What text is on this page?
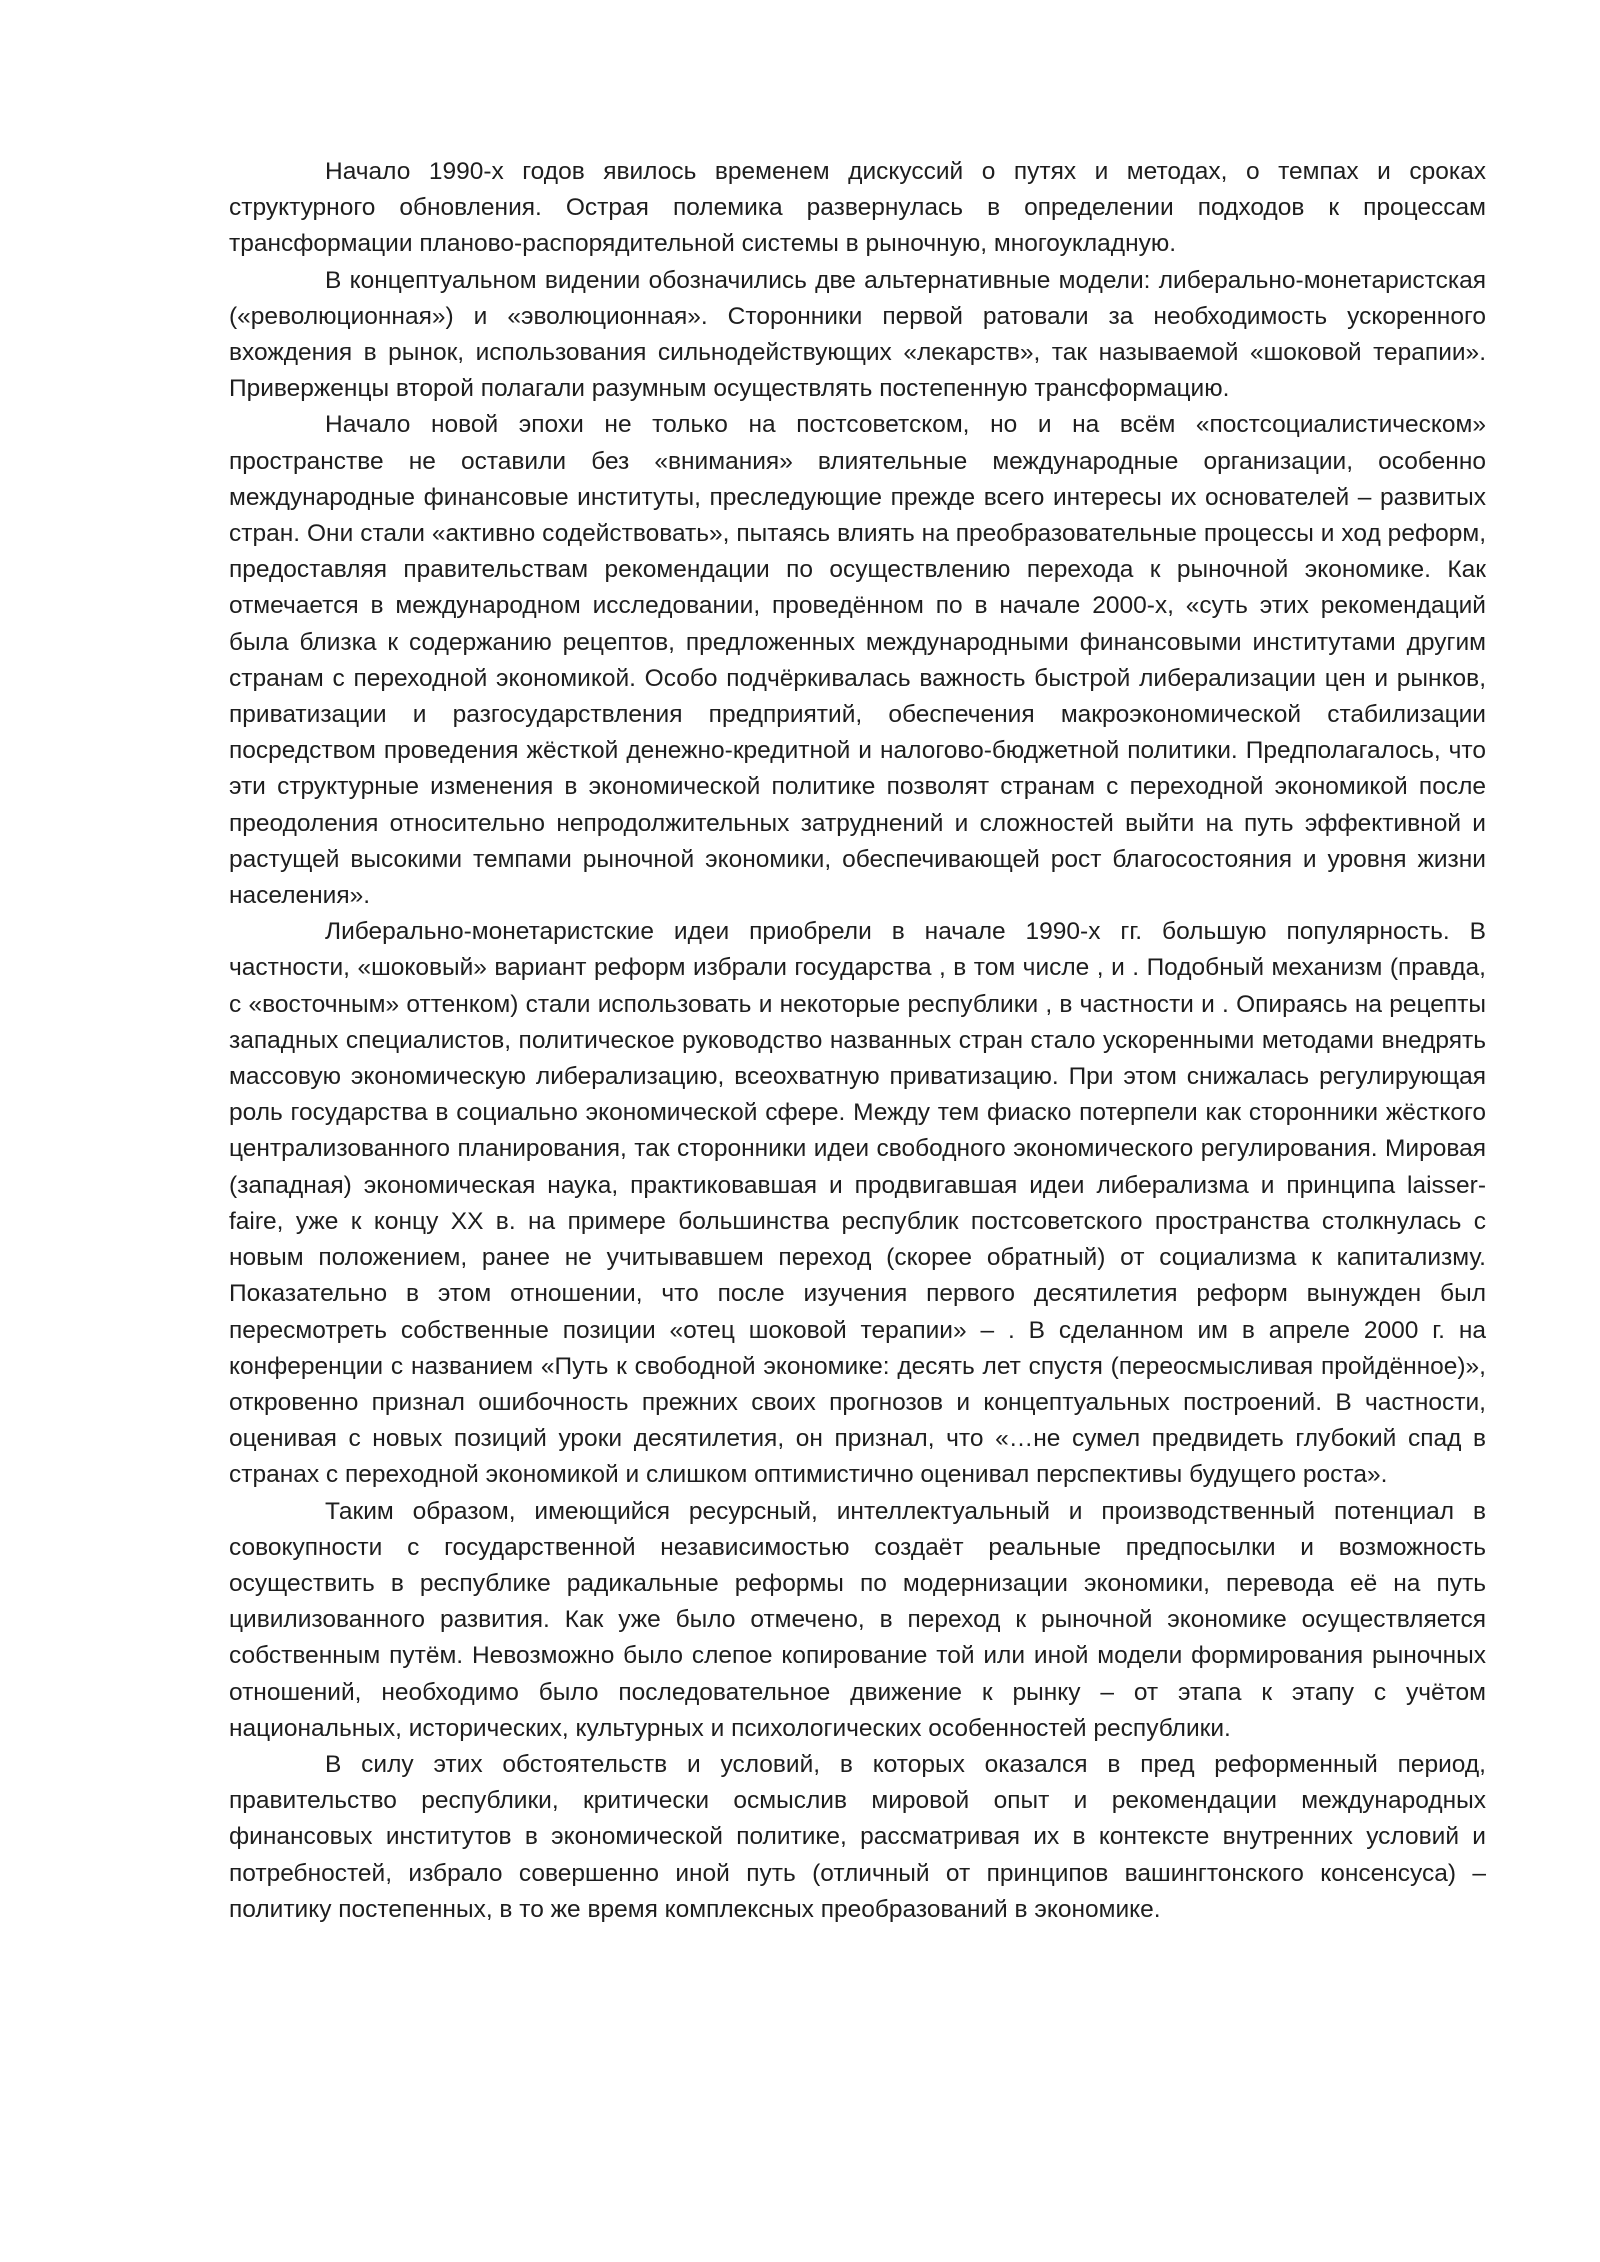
Начало 1990-х годов явилось временем дискуссий о путях и методах, о темпах и сроках структурного обновления. Острая полемика развернулась в определении подходов к процессам трансформации планово-распорядительной системы в рыночную, многоукладную.

В концептуальном видении обозначились две альтернативные модели: либерально-монетаристская («революционная») и «эволюционная». Сторонники первой ратовали за необходимость ускоренного вхождения в рынок, использования сильнодействующих «лекарств», так называемой «шоковой терапии». Приверженцы второй полагали разумным осуществлять постепенную трансформацию.

Начало новой эпохи не только на постсоветском, но и на всём «постсоциалистическом» пространстве не оставили без «внимания» влиятельные международные организации, особенно международные финансовые институты, преследующие прежде всего интересы их основателей – развитых стран. Они стали «активно содействовать», пытаясь влиять на преобразовательные процессы и ход реформ, предоставляя правительствам рекомендации по осуществлению перехода к рыночной экономике. Как отмечается в международном исследовании, проведённом по в начале 2000-х, «суть этих рекомендаций была близка к содержанию рецептов, предложенных международными финансовыми институтами другим странам с переходной экономикой. Особо подчёркивалась важность быстрой либерализации цен и рынков, приватизации и разгосударствления предприятий, обеспечения макроэкономической стабилизации посредством проведения жёсткой денежно-кредитной и налогово-бюджетной политики. Предполагалось, что эти структурные изменения в экономической политике позволят странам с переходной экономикой после преодоления относительно непродолжительных затруднений и сложностей выйти на путь эффективной и растущей высокими темпами рыночной экономики, обеспечивающей рост благосостояния и уровня жизни населения».

Либерально-монетаристские идеи приобрели в начале 1990-х гг. большую популярность. В частности, «шоковый» вариант реформ избрали государства , в том числе , и . Подобный механизм (правда, с «восточным» оттенком) стали использовать и некоторые республики , в частности и . Опираясь на рецепты западных специалистов, политическое руководство названных стран стало ускоренными методами внедрять массовую экономическую либерализацию, всеохватную приватизацию. При этом снижалась регулирующая роль государства в социально экономической сфере. Между тем фиаско потерпели как сторонники жёсткого централизованного планирования, так сторонники идеи свободного экономического регулирования. Мировая (западная) экономическая наука, практиковавшая и продвигавшая идеи либерализма и принципа laisser-faire, уже к концу XX в. на примере большинства республик постсоветского пространства столкнулась с новым положением, ранее не учитывавшем переход (скорее обратный) от социализма к капитализму. Показательно в этом отношении, что после изучения первого десятилетия реформ вынужден был пересмотреть собственные позиции «отец шоковой терапии» – . В сделанном им в апреле 2000 г. на конференции с названием «Путь к свободной экономике: десять лет спустя (переосмысливая пройдённое)», откровенно признал ошибочность прежних своих прогнозов и концептуальных построений. В частности, оценивая с новых позиций уроки десятилетия, он признал, что «…не сумел предвидеть глубокий спад в странах с переходной экономикой и слишком оптимистично оценивал перспективы будущего роста».

Таким образом, имеющийся ресурсный, интеллектуальный и производственный потенциал в совокупности с государственной независимостью создаёт реальные предпосылки и возможность осуществить в республике радикальные реформы по модернизации экономики, перевода её на путь цивилизованного развития. Как уже было отмечено, в переход к рыночной экономике осуществляется собственным путём. Невозможно было слепое копирование той или иной модели формирования рыночных отношений, необходимо было последовательное движение к рынку – от этапа к этапу с учётом национальных, исторических, культурных и психологических особенностей республики.

В силу этих обстоятельств и условий, в которых оказался в пред реформенный период, правительство республики, критически осмыслив мировой опыт и рекомендации международных финансовых институтов в экономической политике, рассматривая их в контексте внутренних условий и потребностей, избрало совершенно иной путь (отличный от принципов вашингтонского консенсуса) – политику постепенных, в то же время комплексных преобразований в экономике.
